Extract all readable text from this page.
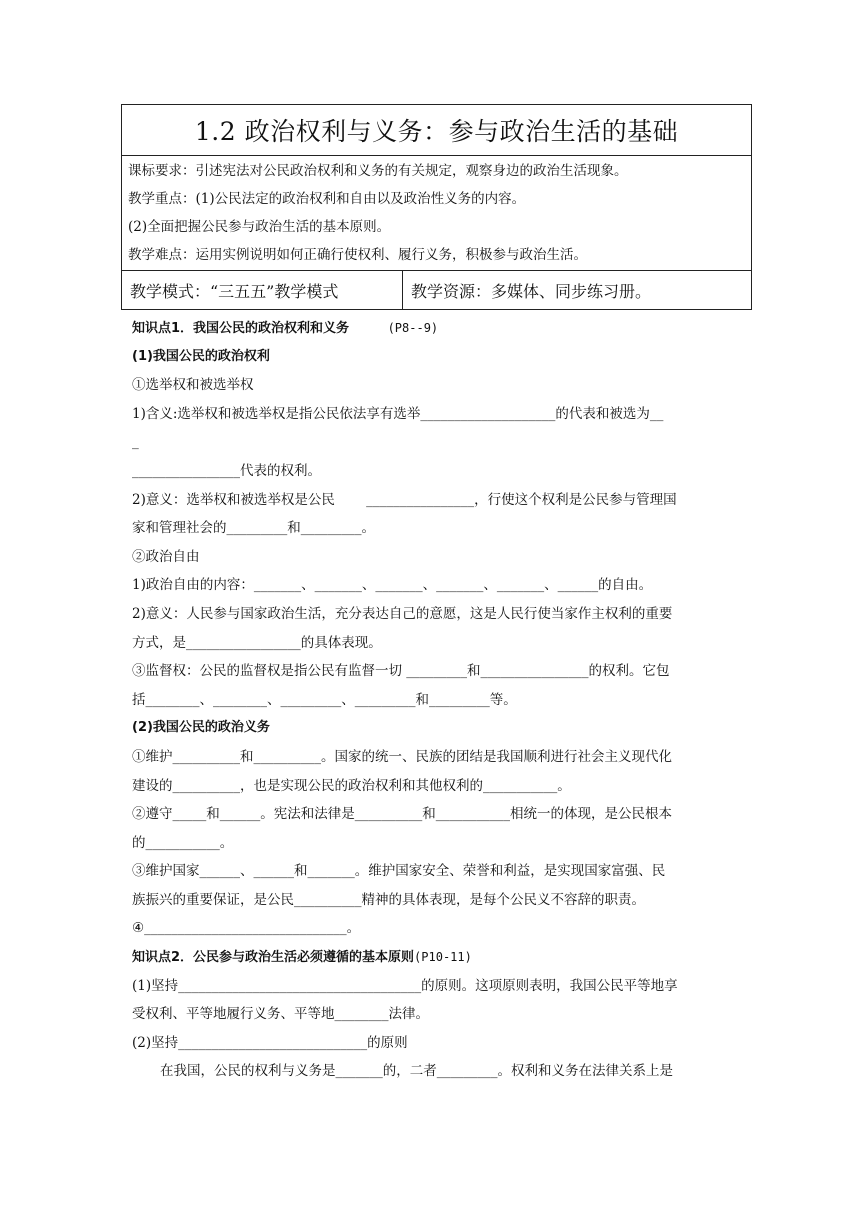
1.2 政治权利与义务：参与政治生活的基础

课标要求：引述宪法对公民政治权利和义务的有关规定，观察身边的政治生活现象。
教学重点：(1)公民法定的政治权利和自由以及政治性义务的内容。
(2)全面把握公民参与政治生活的基本原则。
教学难点：运用实例说明如何正确行使权利、履行义务，积极参与政治生活。

教学模式：“三五五”教学模式	教学资源：多媒体、同步练习册。
知识点1．我国公民的政治权利和义务	(P8--9)
(1)我国公民的政治权利
①选举权和被选举权
1)含义:选举权和被选举权是指公民依法享有选举____________________的代表和被选为__
_
________________代表的权利。
2)意义：选举权和被选举权是公民　　 ________________，行使这个权利是公民参与管理国
家和管理社会的_________和_________。
②政治自由
1)政治自由的内容：_______、_______、_______、_______、_______、______的自由。
2)意义：人民参与国家政治生活，充分表达自己的意愿，这是人民行使当家作主权利的重要
方式，是_________________的具体表现。
③监督权：公民的监督权是指公民有监督一切 _________和________________的权利。它包
括________、________、_________、_________和_________等。
(2)我国公民的政治义务
①维护__________和__________。国家的统一、民族的团结是我国顺利进行社会主义现代化
建设的__________，也是实现公民的政治权利和其他权利的___________。
②遵守_____和______。宪法和法律是__________和___________相统一的体现，是公民根本
的___________。
③维护国家______、______和_______。维护国家安全、荣誉和利益，是实现国家富强、民
族振兴的重要保证，是公民__________精神的具体表现，是每个公民义不容辞的职责。
④______________________________。
知识点2．公民参与政治生活必须遵循的基本原则(P10-11)
(1)坚持____________________________________的原则。这项原则表明，我国公民平等地享
受权利、平等地履行义务、平等地________法律。
(2)坚持____________________________的原则
在我国，公民的权利与义务是_______的，二者_________。权利和义务在法律关系上是
